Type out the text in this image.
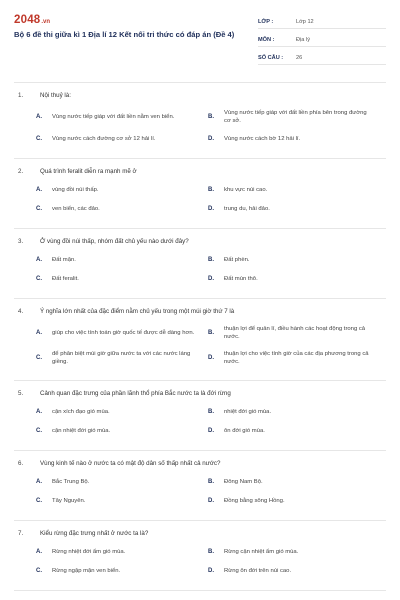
2048 .vn
Bộ 6 đề thi giữa kì 1 Địa lí 12 Kết nối tri thức có đáp án (Đề 4)
LỚP :	Lớp 12
MÔN :	Địa lý
SỐ CÂU :	26
1.	Nội thuỷ là:
A.	Vùng nước tiếp giáp với đất liền nằm ven biển.	B.
Vùng nước tiếp giáp với đất liền phía bên trong đường cơ sở.
C.	Vùng nước cách đường cơ sở 12 hải lí.	D.	Vùng nước cách bờ 12 hải lí.
2.	Quá trình feralit diễn ra mạnh mẽ ở
A.	vùng đồi núi thấp.	B.	khu vực núi cao.
C.	ven biển, các đảo.	D.	trung du, hải đảo.
3.	Ở vùng đồi núi thấp, nhóm đất chủ yếu nào dưới đây?
A.	Đất mặn.	B.	Đất phèn.
C.	Đất feralit.	D.	Đất mùn thô.
4.	Ý nghĩa lớn nhất của đặc điểm nằm chủ yếu trong một múi giờ thứ 7 là
A.	giúp cho việc tính toán giờ quốc tế được dễ dàng hơn.	B.
thuận lợi để quản lí, điều hành các hoạt động trong cả nước.
C.
để phân biệt múi giờ giữa nước ta với các nước láng giềng.
D.
thuận lợi cho việc tính giờ của các địa phương trong cả nước.
5.	Cảnh quan đặc trưng của phần lãnh thổ phía Bắc nước ta là đới rừng
A.	cận xích đạo gió mùa.	B.	nhiệt đới gió mùa.
C.	cận nhiệt đới gió mùa.	D.	ôn đới gió mùa.
6.	Vùng kinh tế nào ở nước ta có mật độ dân số thấp nhất cả nước?
A.	Bắc Trung Bộ.	B.	Đông Nam Bộ.
C.	Tây Nguyên.	D.	Đồng bằng sông Hồng.
7.	Kiểu rừng đặc trưng nhất ở nước ta là?
A.	Rừng nhiệt đới ẩm gió mùa.	B.	Rừng cận nhiệt ẩm gió mùa.
C.	Rừng ngập mặn ven biển.	D.	Rừng ôn đới trên núi cao.
